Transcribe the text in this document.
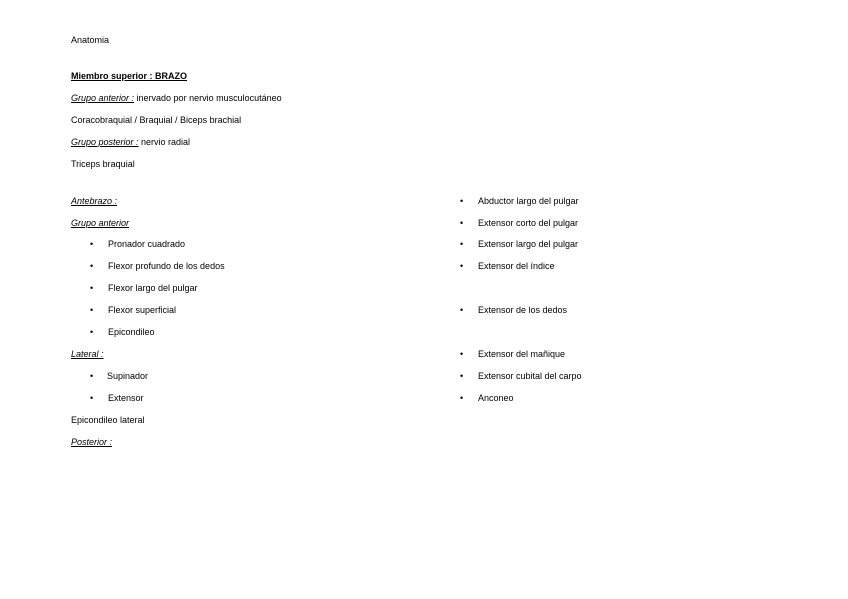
Anatomia
Miembro superior : BRAZO
Grupo anterior : inervado por nervio musculocutáneo
Coracobraquial / Braquial / Biceps brachial
Grupo posterior : nervio radial
Triceps braquial
Antebrazo :
Grupo anterior
• Pronador cuadrado
• Flexor profundo de los dedos
• Flexor largo del pulgar
• Flexor superficial
• Epicondileo
Lateral :
• Supinador
• Extensor
Epicondileo lateral
Posterior :
• Abductor largo del pulgar
• Extensor corto del pulgar
• Extensor largo del pulgar
• Extensor del índice
• Extensor de los dedos
• Extensor del mañique
• Extensor cubital del carpo
• Anconeo
